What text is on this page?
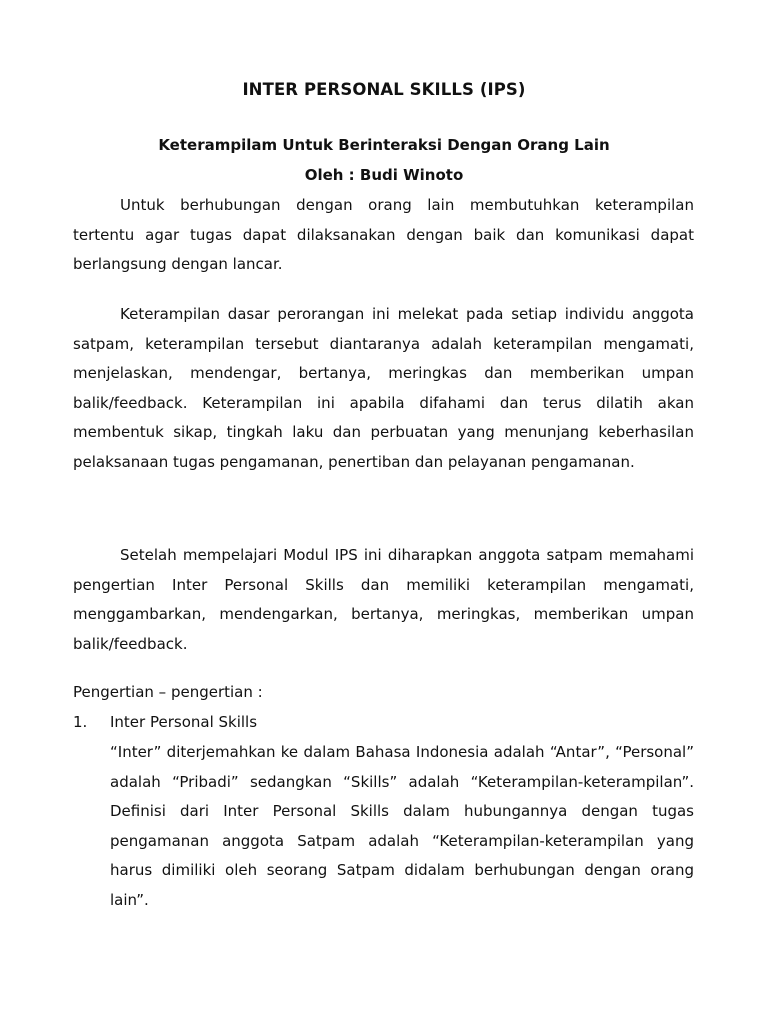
INTER PERSONAL SKILLS (IPS)
Keterampilam Untuk Berinteraksi Dengan Orang Lain
Oleh : Budi Winoto

Untuk berhubungan dengan orang lain membutuhkan keterampilan tertentu agar tugas dapat dilaksanakan dengan baik dan komunikasi dapat berlangsung dengan lancar.

Keterampilan dasar perorangan ini melekat pada setiap individu anggota satpam, keterampilan tersebut diantaranya adalah keterampilan mengamati, menjelaskan, mendengar, bertanya, meringkas dan memberikan umpan balik/feedback. Keterampilan ini apabila difahami dan terus dilatih akan membentuk sikap, tingkah laku dan perbuatan yang menunjang keberhasilan pelaksanaan tugas pengamanan, penertiban dan pelayanan pengamanan.

Setelah mempelajari Modul IPS ini diharapkan anggota satpam memahami pengertian Inter Personal Skills dan memiliki keterampilan mengamati, menggambarkan, mendengarkan, bertanya, meringkas, memberikan umpan balik/feedback.

Pengertian – pengertian :

1. Inter Personal Skills

“Inter” diterjemahkan ke dalam Bahasa Indonesia adalah “Antar”, “Personal” adalah “Pribadi” sedangkan “Skills” adalah “Keterampilan-keterampilan”. Definisi dari Inter Personal Skills dalam hubungannya dengan tugas pengamanan anggota Satpam adalah “Keterampilan-keterampilan yang harus dimiliki oleh seorang Satpam didalam berhubungan dengan orang lain”.
